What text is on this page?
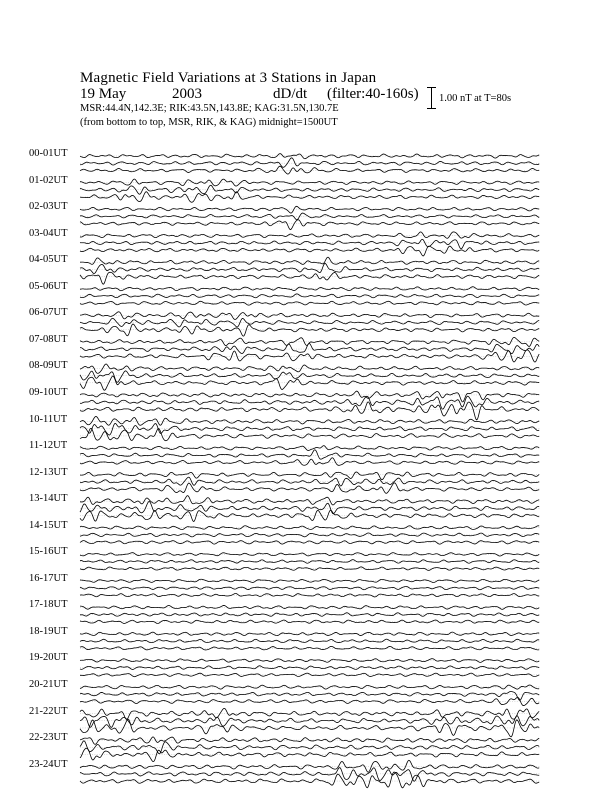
Magnetic Field Variations at 3 Stations in Japan
19 May	2003	dD/dt (filter:40-160s)
MSR:44.4N,142.3E; RIK:43.5N,143.8E; KAG:31.5N,130.7E
(from bottom to top, MSR, RIK, & KAG) midnight=1500UT
1.00 nT at T=80s
00-01UT
01-02UT
02-03UT
03-04UT
04-05UT
05-06UT
06-07UT
07-08UT
08-09UT
09-10UT
10-11UT
11-12UT
12-13UT
13-14UT
14-15UT
15-16UT
16-17UT
17-18UT
18-19UT
19-20UT
20-21UT
21-22UT
22-23UT
23-24UT
